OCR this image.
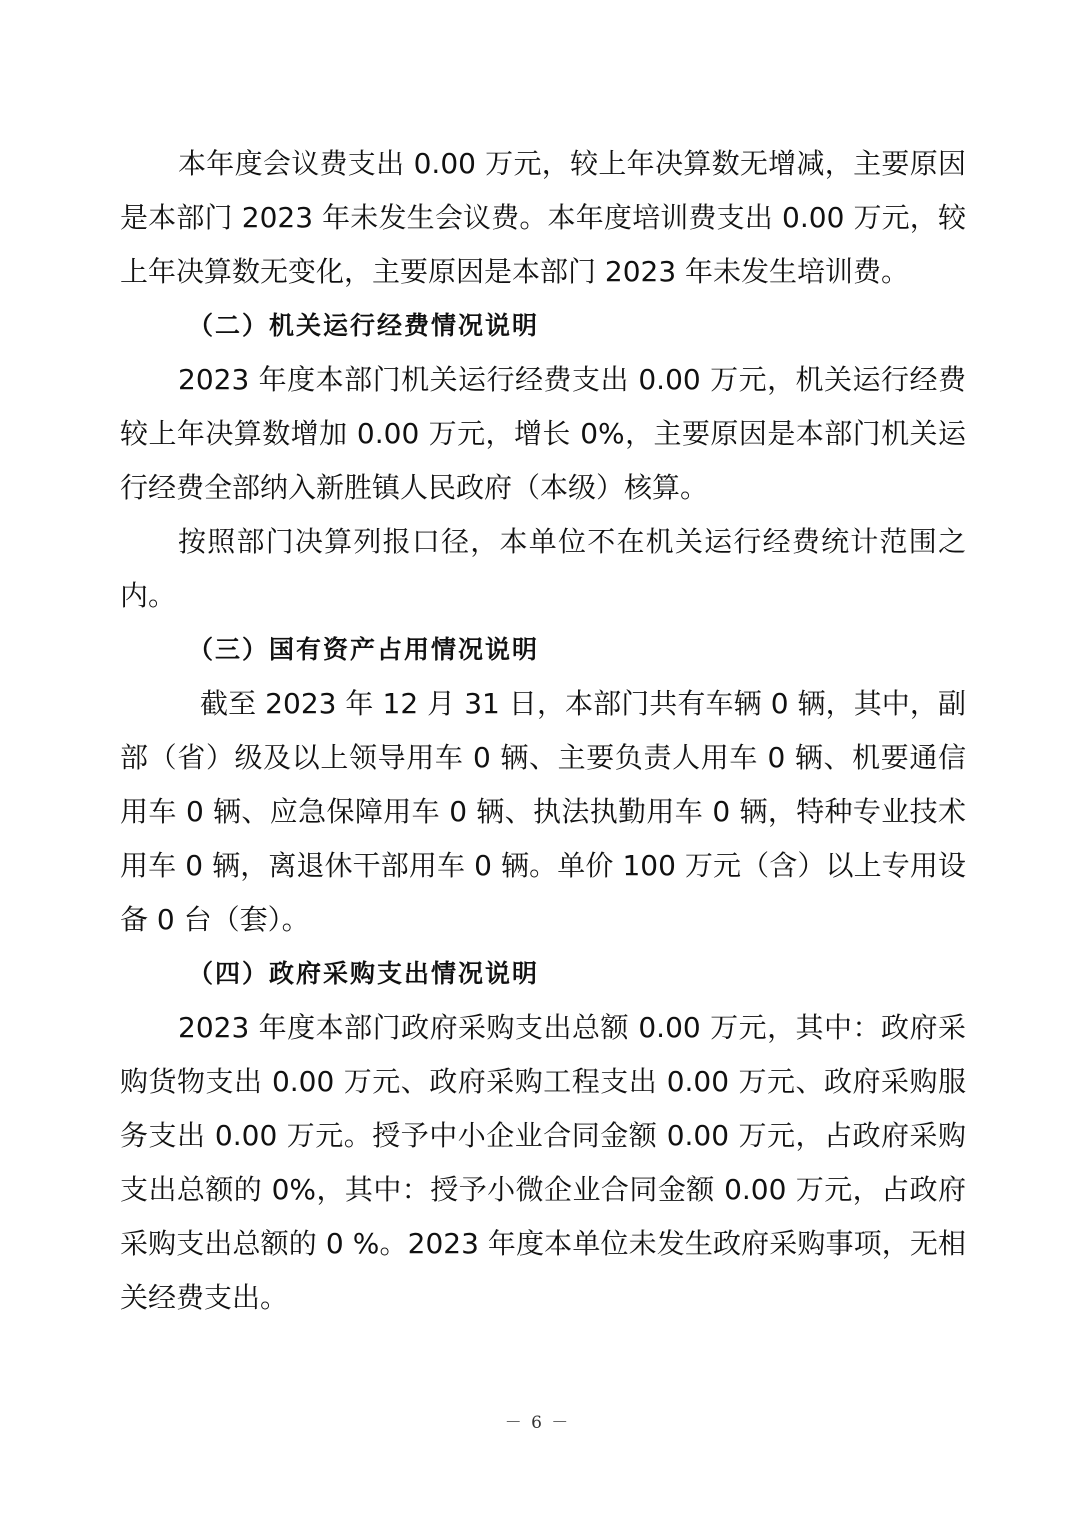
本年度会议费支出 0.00 万元，较上年决算数无增减，主要原因是本部门 2023 年未发生会议费。本年度培训费支出 0.00 万元，较上年决算数无变化，主要原因是本部门 2023 年未发生培训费。

（二）机关运行经费情况说明

2023 年度本部门机关运行经费支出 0.00 万元，机关运行经费较上年决算数增加 0.00 万元，增长 0%，主要原因是本部门机关运行经费全部纳入新胜镇人民政府（本级）核算。

按照部门决算列报口径，本单位不在机关运行经费统计范围之内。

（三）国有资产占用情况说明

截至 2023 年 12 月 31 日，本部门共有车辆 0 辆，其中，副部（省）级及以上领导用车 0 辆、主要负责人用车 0 辆、机要通信用车 0 辆、应急保障用车 0 辆、执法执勤用车 0 辆，特种专业技术用车 0 辆，离退休干部用车 0 辆。单价 100 万元（含）以上专用设备 0 台（套）。

（四）政府采购支出情况说明

2023 年度本部门政府采购支出总额 0.00 万元，其中：政府采购货物支出 0.00 万元、政府采购工程支出 0.00 万元、政府采购服务支出 0.00 万元。授予中小企业合同金额 0.00 万元，占政府采购支出总额的 0%，其中：授予小微企业合同金额 0.00 万元，占政府采购支出总额的 0 %。2023 年度本单位未发生政府采购事项，无相关经费支出。

－ 6 －
